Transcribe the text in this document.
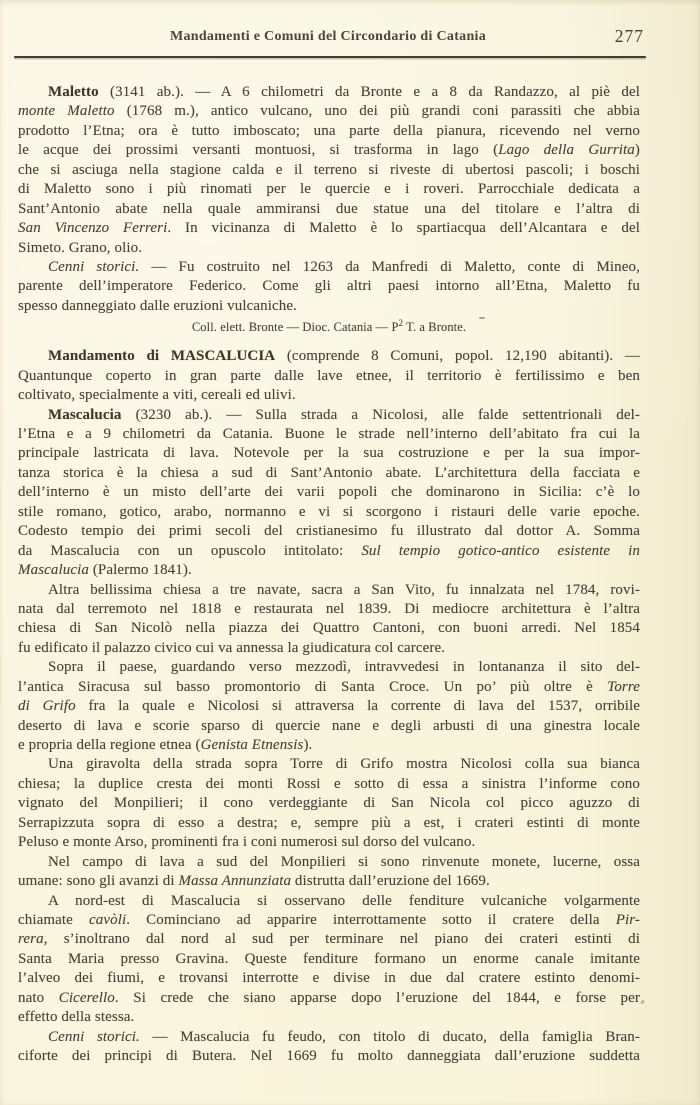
Mandamenti e Comuni del Circondario di Catania	277
Maletto (3141 ab.). — A 6 chilometri da Bronte e a 8 da Randazzo, al piè del
monte Maletto (1768 m.), antico vulcano, uno dei più grandi coni parassiti che abbia
prodotto l’Etna; ora è tutto imboscato; una parte della pianura, ricevendo nel verno
le acque dei prossimi versanti montuosi, si trasforma in lago (Lago della Gurrita)
che si asciuga nella stagione calda e il terreno si riveste di ubertosi pascoli; i boschi
di Maletto sono i più rinomati per le quercie e i roveri. Parrocchiale dedicata a
Sant’Antonio abate nella quale ammiransi due statue una del titolare e l’altra di
San Vincenzo Ferreri. In vicinanza di Maletto è lo spartiacqua dell’Alcantara e del
Simeto. Grano, olio.
Cenni storici. — Fu costruito nel 1263 da Manfredi di Maletto, conte di Mineo,
parente dell’imperatore Federico. Come gli altri paesi intorno all’Etna, Maletto fu
spesso danneggiato dalle eruzioni vulcaniche.
Coll. elett. Bronte — Dioc. Catania — $P^2$ T. a Bronte.
Mandamento di MASCALUCIA (comprende 8 Comuni, popol. 12,190 abitanti). —
Quantunque coperto in gran parte dalle lave etnee, il territorio è fertilissimo e ben
coltivato, specialmente a viti, cereali ed ulivi.
Mascalucia (3230 ab.). — Sulla strada a Nicolosi, alle falde settentrionali del-
l’Etna e a 9 chilometri da Catania. Buone le strade nell’interno dell’abitato fra cui la
principale lastricata di lava. Notevole per la sua costruzione e per la sua impor-
tanza storica è la chiesa a sud di Sant’Antonio abate. L’architettura della facciata e
dell’interno è un misto dell’arte dei varii popoli che dominarono in Sicilia: c’è lo
stile romano, gotico, arabo, normanno e vi si scorgono i ristauri delle varie epoche.
Codesto tempio dei primi secoli del cristianesimo fu illustrato dal dottor A. Somma
da Mascalucia con un opuscolo intitolato: Sul tempio gotico-antico esistente in
Mascalucia (Palermo 1841).
Altra bellissima chiesa a tre navate, sacra a San Vito, fu innalzata nel 1784, rovi-
nata dal terremoto nel 1818 e restaurata nel 1839. Di mediocre architettura è l’altra
chiesa di San Nicolò nella piazza dei Quattro Cantoni, con buoni arredi. Nel 1854
fu edificato il palazzo civico cui va annessa la giudicatura col carcere.
Sopra il paese, guardando verso mezzodì, intravvedesi in lontananza il sito del-
l’antica Siracusa sul basso promontorio di Santa Croce. Un po’ più oltre è Torre
di Grifo fra la quale e Nicolosi si attraversa la corrente di lava del 1537, orribile
deserto di lava e scorie sparso di quercie nane e degli arbusti di una ginestra locale
e propria della regione etnea (Genista Etnensis).
Una giravolta della strada sopra Torre di Grifo mostra Nicolosi colla sua bianca
chiesa; la duplice cresta dei monti Rossi e sotto di essa a sinistra l’informe cono
vignato del Monpilieri; il cono verdeggiante di San Nicola col picco aguzzo di
Serrapizzuta sopra di esso a destra; e, sempre più a est, i crateri estinti di monte
Peluso e monte Arso, prominenti fra i coni numerosi sul dorso del vulcano.
Nel campo di lava a sud del Monpilieri si sono rinvenute monete, lucerne, ossa
umane: sono gli avanzi di Massa Annunziata distrutta dall’eruzione del 1669.
A nord-est di Mascalucia si osservano delle fenditure vulcaniche volgarmente
chiamate cavòli. Cominciano ad apparire interrottamente sotto il cratere della Pir-
rera, s’inoltrano dal nord al sud per terminare nel piano dei crateri estinti di
Santa Maria presso Gravina. Queste fenditure formano un enorme canale imitante
l’alveo dei fiumi, e trovansi interrotte e divise in due dal cratere estinto denomi-
nato Cicerello. Si crede che siano apparse dopo l’eruzione del 1844, e forse per
effetto della stessa.
Cenni storici. — Mascalucia fu feudo, con titolo di ducato, della famiglia Bran-
ciforte dei principi di Butera. Nel 1669 fu molto danneggiata dall’eruzione suddetta
